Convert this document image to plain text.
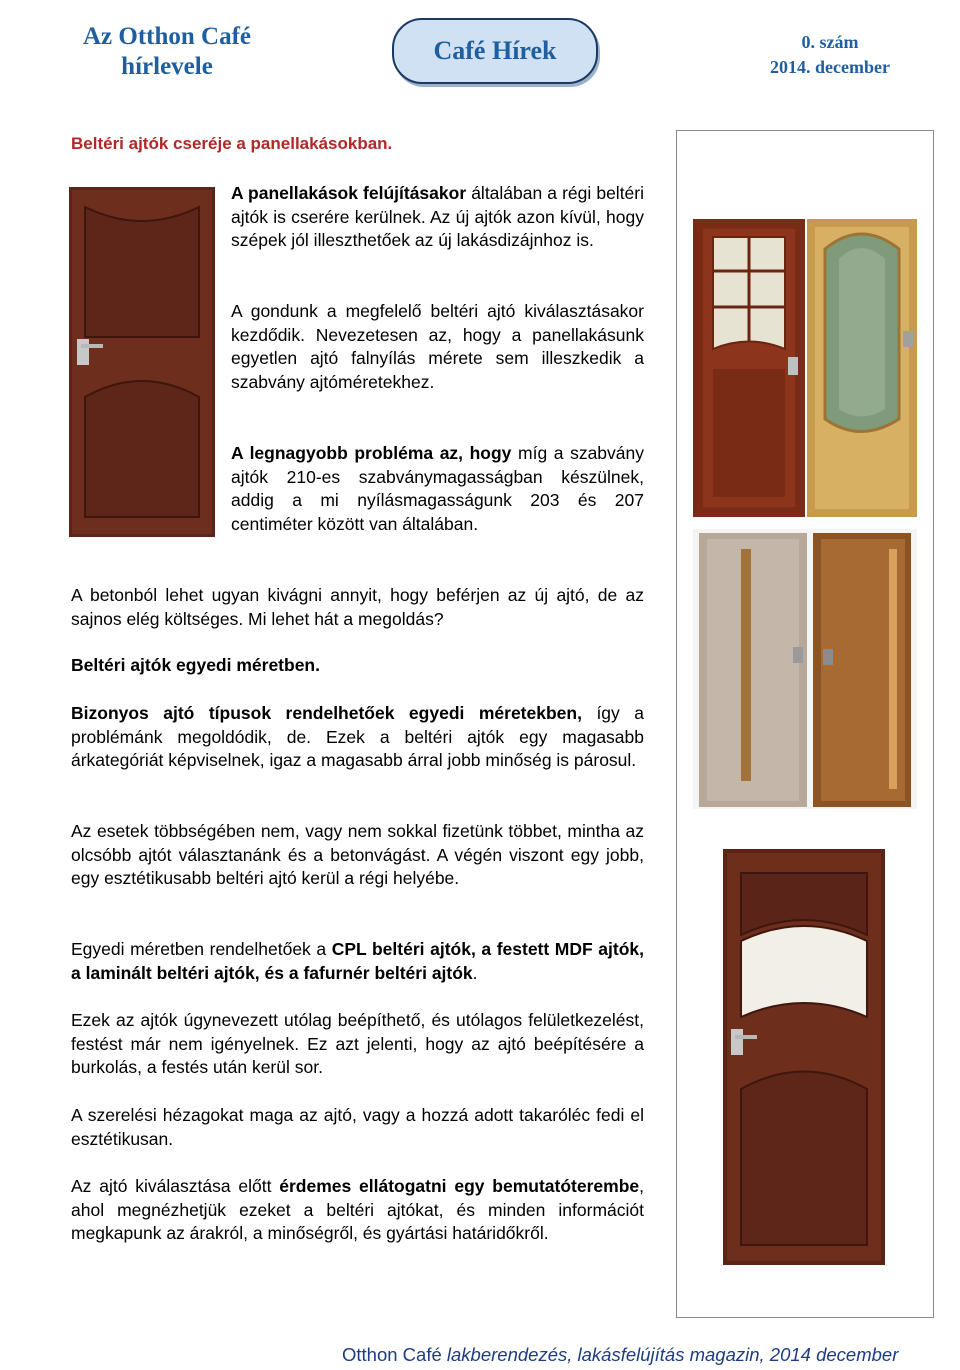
Az Otthon Café
hírlevele
Café Hírek	0. szám
2014. december
Beltéri ajtók cseréje a panellakásokban.
A panellakások felújításakor általában a régi beltéri ajtók is cserére kerülnek. Az új ajtók azon kívül, hogy szépek jól illeszthetőek az új lakásdizájnhoz is.
A gondunk a megfelelő beltéri ajtó kiválasztásakor kezdődik. Nevezetesen az, hogy a panellakásunk egyetlen ajtó falnyílás mérete sem illeszkedik a szabvány ajtóméretekhez.
A legnagyobb probléma az, hogy míg a szabvány ajtók 210-es szabványmagasságban készülnek, addig a mi nyílásmagasságunk 203 és 207 centiméter között van általában.
A betonból lehet ugyan kivágni annyit, hogy beférjen az új ajtó, de az sajnos elég költséges. Mi lehet hát a megoldás?
Beltéri ajtók egyedi méretben.
Bizonyos ajtó típusok rendelhetőek egyedi méretekben, így a problémánk megoldódik, de. Ezek a beltéri ajtók egy magasabb árkategóriát képviselnek, igaz a magasabb árral jobb minőség is párosul.
Az esetek többségében nem, vagy nem sokkal fizetünk többet, mintha az olcsóbb ajtót választanánk és a betonvágást. A végén viszont egy jobb, egy esztétikusabb beltéri ajtó kerül a régi helyébe.
Egyedi méretben rendelhetőek a CPL beltéri ajtók, a festett MDF ajtók, a laminált beltéri ajtók, és a fafurnér beltéri ajtók.
Ezek az ajtók úgynevezett utólag beépíthető, és utólagos felületkezelést, festést már nem igényelnek. Ez azt jelenti, hogy az ajtó beépítésére a burkolás, a festés után kerül sor.
A szerelési hézagokat maga az ajtó, vagy a hozzá adott takaróléc fedi el esztétikusan.
Az ajtó kiválasztása előtt érdemes ellátogatni egy bemutatóterembe, ahol megnézhetjük ezeket a beltéri ajtókat, és minden információt megkapunk az árakról, a minőségről, és gyártási határidőkről.
Otthon Café lakberendezés, lakásfelújítás magazin, 2014 december
